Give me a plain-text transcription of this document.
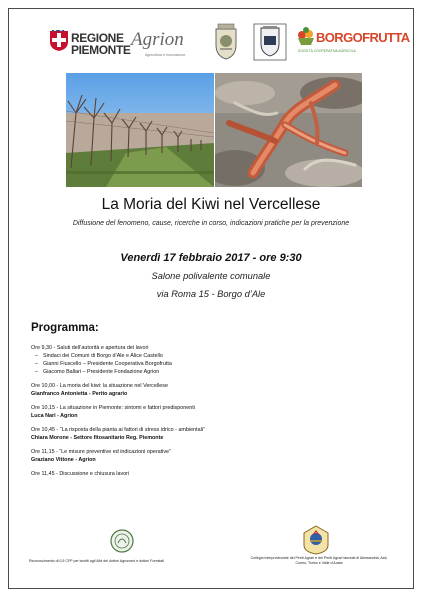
REGIONE
PIEMONTE Agrion
Agricoltura e innovazione
BORGOFRUTTA
SOCIETÀ COOPERATIVA AGRICOLA
La Moria del Kiwi nel Vercellese
Diffusione del fenomeno, cause, ricerche in corso, indicazioni pratiche per la prevenzione
Venerdì 17 febbraio 2017 - ore 9:30
Salone polivalente comunale
via Roma 15 - Borgo d’Ale
Programma:
Ore 9,30 - Saluti dell’autorità e apertura dei lavori
– Sindaci dei Comuni di Borgo d’Ale e Alice Castello
– Gianni Fiuscello – Presidente Cooperativa Borgofrutta
– Giacomo Ballari – Presidente Fondazione Agrion
Ore 10,00 - La moria del kiwi: la situazione nel Vercellese
Gianfranco Antonietta - Perito agrario
Ore 10,15 - La situazione in Piemonte: sintomi e fattori predisponenti
Luca Nari - Agrion
Ore 10,45 - “La risposta della pianta ai fattori di stress idrico - ambientali”
Chiara Morone - Settore fitosanitario Reg. Piemonte
Ore 11,15 - “Le misure preventive ed indicazioni operative”
Graziano Vittone - Agrion
Ore 11,45 - Discussione e chiusura lavori
Riconoscimento di 0,5 CFP per iscritti agli Albi dei dottori Agronomi e dottori Forestali
Collegio interprovinciale dei Periti Agrari e dei Periti Agrari laureati di Alessandria, Asti,
Cuneo, Torino e Valle d’Aosta
